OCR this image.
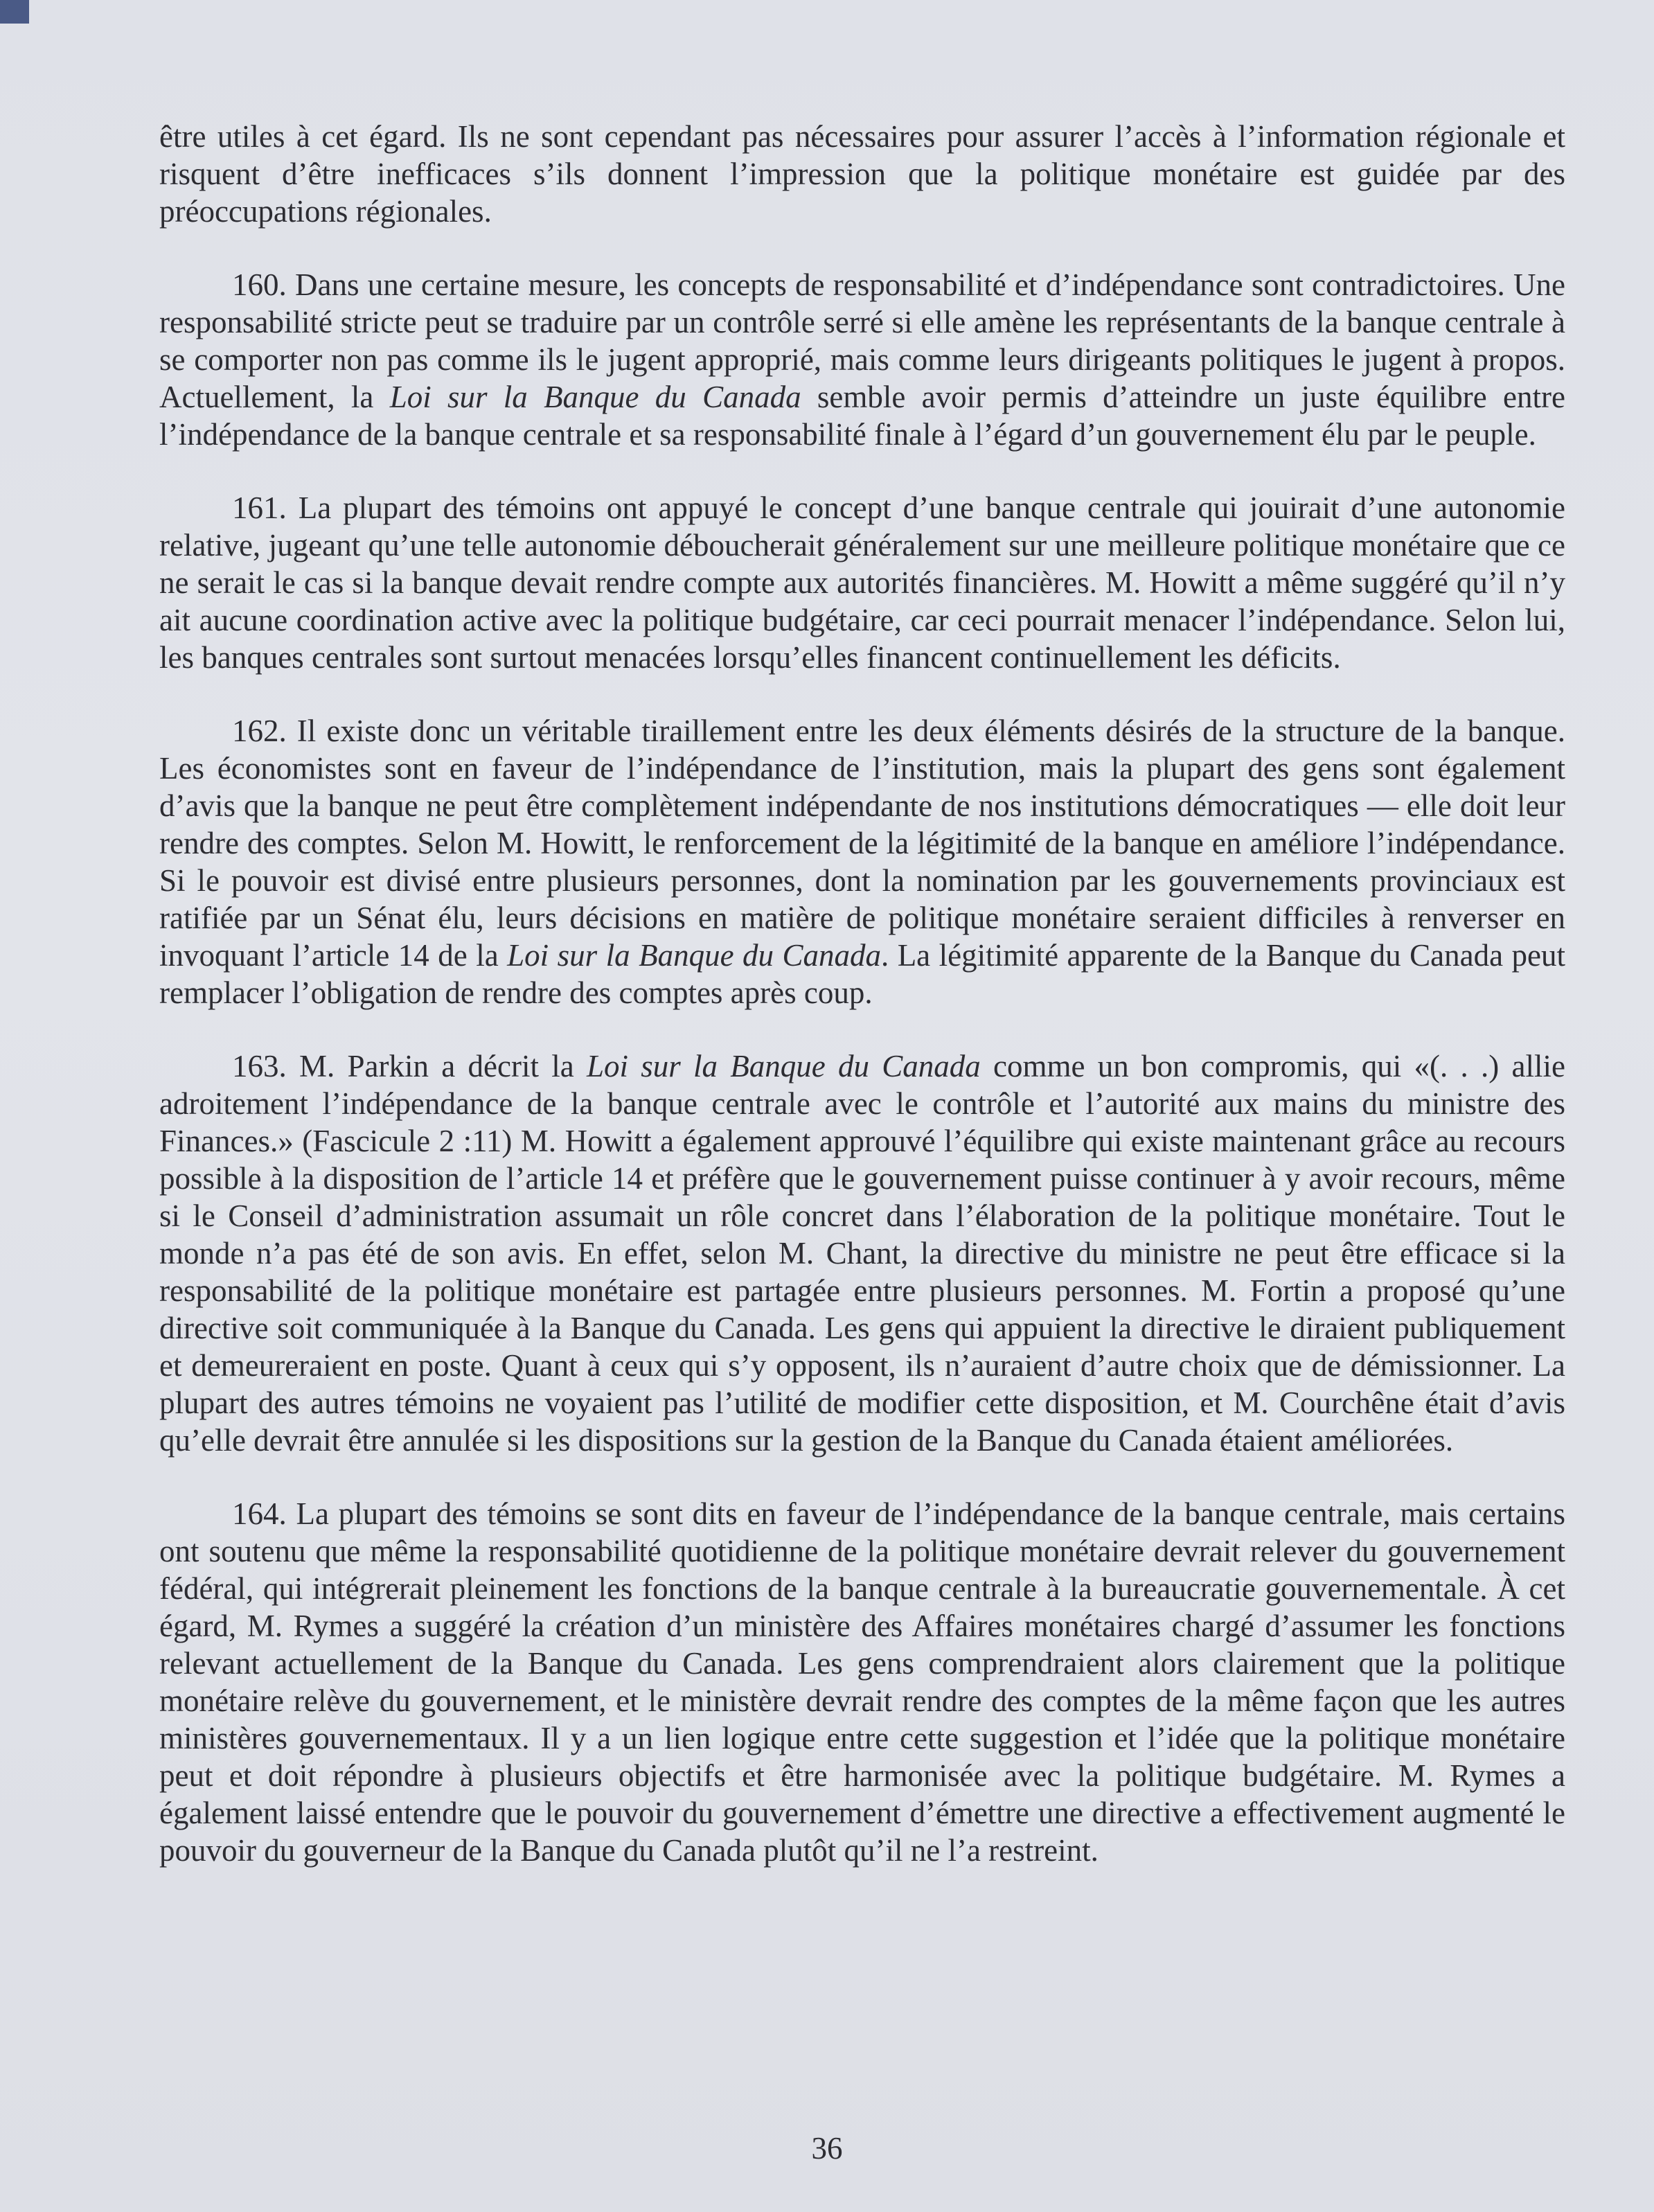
être utiles à cet égard. Ils ne sont cependant pas nécessaires pour assurer l’accès à l’information régionale et risquent d’être inefficaces s’ils donnent l’impression que la politique monétaire est guidée par des préoccupations régionales.

160. Dans une certaine mesure, les concepts de responsabilité et d’indépendance sont contradictoires. Une responsabilité stricte peut se traduire par un contrôle serré si elle amène les représentants de la banque centrale à se comporter non pas comme ils le jugent approprié, mais comme leurs dirigeants politiques le jugent à propos. Actuellement, la Loi sur la Banque du Canada semble avoir permis d’atteindre un juste équilibre entre l’indépendance de la banque centrale et sa responsabilité finale à l’égard d’un gouvernement élu par le peuple.

161. La plupart des témoins ont appuyé le concept d’une banque centrale qui jouirait d’une autonomie relative, jugeant qu’une telle autonomie déboucherait généralement sur une meilleure politique monétaire que ce ne serait le cas si la banque devait rendre compte aux autorités financières. M. Howitt a même suggéré qu’il n’y ait aucune coordination active avec la politique budgétaire, car ceci pourrait menacer l’indépendance. Selon lui, les banques centrales sont surtout menacées lorsqu’elles financent continuellement les déficits.

162. Il existe donc un véritable tiraillement entre les deux éléments désirés de la structure de la banque. Les économistes sont en faveur de l’indépendance de l’institution, mais la plupart des gens sont également d’avis que la banque ne peut être complètement indépendante de nos institutions démocratiques — elle doit leur rendre des comptes. Selon M. Howitt, le renforcement de la légitimité de la banque en améliore l’indépendance. Si le pouvoir est divisé entre plusieurs personnes, dont la nomination par les gouvernements provinciaux est ratifiée par un Sénat élu, leurs décisions en matière de politique monétaire seraient difficiles à renverser en invoquant l’article 14 de la Loi sur la Banque du Canada. La légitimité apparente de la Banque du Canada peut remplacer l’obligation de rendre des comptes après coup.

163. M. Parkin a décrit la Loi sur la Banque du Canada comme un bon compromis, qui «(. . .) allie adroitement l’indépendance de la banque centrale avec le contrôle et l’autorité aux mains du ministre des Finances.» (Fascicule 2 :11) M. Howitt a également approuvé l’équilibre qui existe maintenant grâce au recours possible à la disposition de l’article 14 et préfère que le gouvernement puisse continuer à y avoir recours, même si le Conseil d’administration assumait un rôle concret dans l’élaboration de la politique monétaire. Tout le monde n’a pas été de son avis. En effet, selon M. Chant, la directive du ministre ne peut être efficace si la responsabilité de la politique monétaire est partagée entre plusieurs personnes. M. Fortin a proposé qu’une directive soit communiquée à la Banque du Canada. Les gens qui appuient la directive le diraient publiquement et demeureraient en poste. Quant à ceux qui s’y opposent, ils n’auraient d’autre choix que de démissionner. La plupart des autres témoins ne voyaient pas l’utilité de modifier cette disposition, et M. Courchêne était d’avis qu’elle devrait être annulée si les dispositions sur la gestion de la Banque du Canada étaient améliorées.

164. La plupart des témoins se sont dits en faveur de l’indépendance de la banque centrale, mais certains ont soutenu que même la responsabilité quotidienne de la politique monétaire devrait relever du gouvernement fédéral, qui intégrerait pleinement les fonctions de la banque centrale à la bureaucratie gouvernementale. À cet égard, M. Rymes a suggéré la création d’un ministère des Affaires monétaires chargé d’assumer les fonctions relevant actuellement de la Banque du Canada. Les gens comprendraient alors clairement que la politique monétaire relève du gouvernement, et le ministère devrait rendre des comptes de la même façon que les autres ministères gouvernementaux. Il y a un lien logique entre cette suggestion et l’idée que la politique monétaire peut et doit répondre à plusieurs objectifs et être harmonisée avec la politique budgétaire. M. Rymes a également laissé entendre que le pouvoir du gouvernement d’émettre une directive a effectivement augmenté le pouvoir du gouverneur de la Banque du Canada plutôt qu’il ne l’a restreint.

36
